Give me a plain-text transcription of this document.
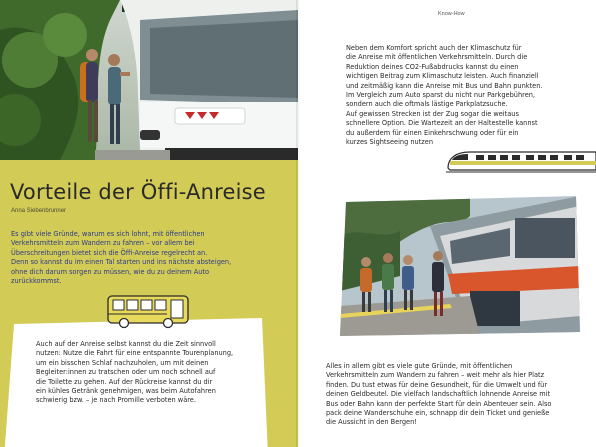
Vorteile der Öffi-Anreise
Anna Siebenbrunner

Es gibt viele Gründe, warum es sich lohnt, mit öffentlichen
Verkehrsmitteln zum Wandern zu fahren – vor allem bei
Überschreitungen bietet sich die Öffi-Anreise regelrecht an.
Denn so kannst du im einen Tal starten und ins nächste absteigen,
ohne dich darum sorgen zu müssen, wie du zu deinem Auto
zurückkommst.

Auch auf der Anreise selbst kannst du die Zeit sinnvoll
nutzen: Nutze die Fahrt für eine entspannte Tourenplanung,
um ein bisschen Schlaf nachzuholen, um mit deinen
Begleiter:innen zu tratschen oder um noch schnell auf
die Toilette zu gehen. Auf der Rückreise kannst du dir
ein kühles Getränk genehmigen, was beim Autofahren
schwierig bzw. – je nach Promille verboten wäre.

Know-How

Neben dem Komfort spricht auch der Klimaschutz für
die Anreise mit öffentlichen Verkehrsmitteln. Durch die
Reduktion deines CO2-Fußabdrucks kannst du einen
wichtigen Beitrag zum Klimaschutz leisten. Auch finanziell
und zeitmäßig kann die Anreise mit Bus und Bahn punkten.
Im Vergleich zum Auto sparst du nicht nur Parkgebühren,
sondern auch die oftmals lästige Parkplatzsuche.
Auf gewissen Strecken ist der Zug sogar die weitaus
schnellere Option. Die Wartezeit an der Haltestelle kannst
du außerdem für einen Einkehrschwung oder für ein
kurzes Sightseeing nutzen

Alles in allem gibt es viele gute Gründe, mit öffentlichen
Verkehrsmitteln zum Wandern zu fahren – weit mehr als hier Platz
finden. Du tust etwas für deine Gesundheit, für die Umwelt und für
deinen Geldbeutel. Die vielfach landschaftlich lohnende Anreise mit
Bus oder Bahn kann der perfekte Start für dein Abenteuer sein. Also
pack deine Wanderschuhe ein, schnapp dir dein Ticket und genieße
die Aussicht in den Bergen!
